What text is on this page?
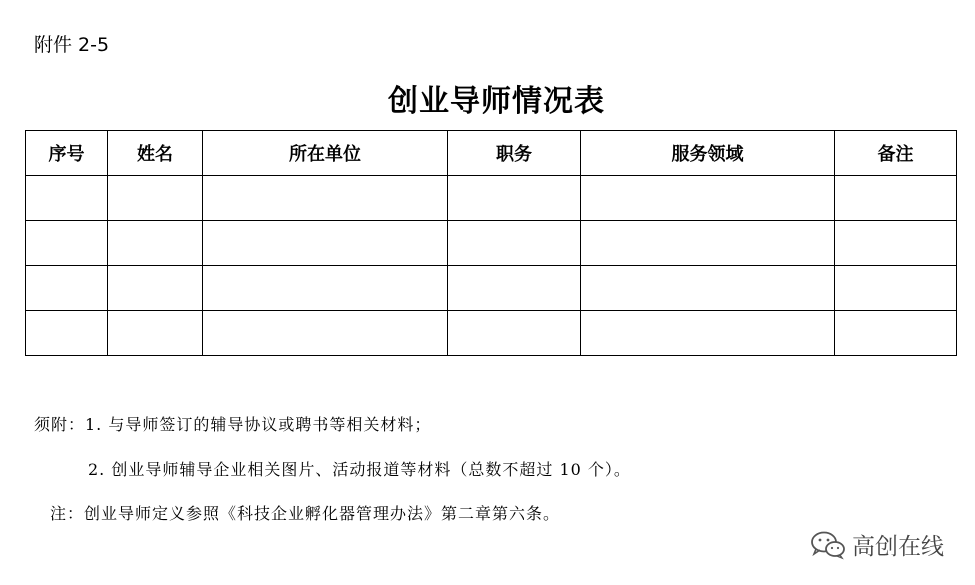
附件 2-5
创业导师情况表
序号	姓名	所在单位	职务	服务领域	备注

须附：1. 与导师签订的辅导协议或聘书等相关材料；
2. 创业导师辅导企业相关图片、活动报道等材料（总数不超过 10 个）。
注：创业导师定义参照《科技企业孵化器管理办法》第二章第六条。
高创在线
